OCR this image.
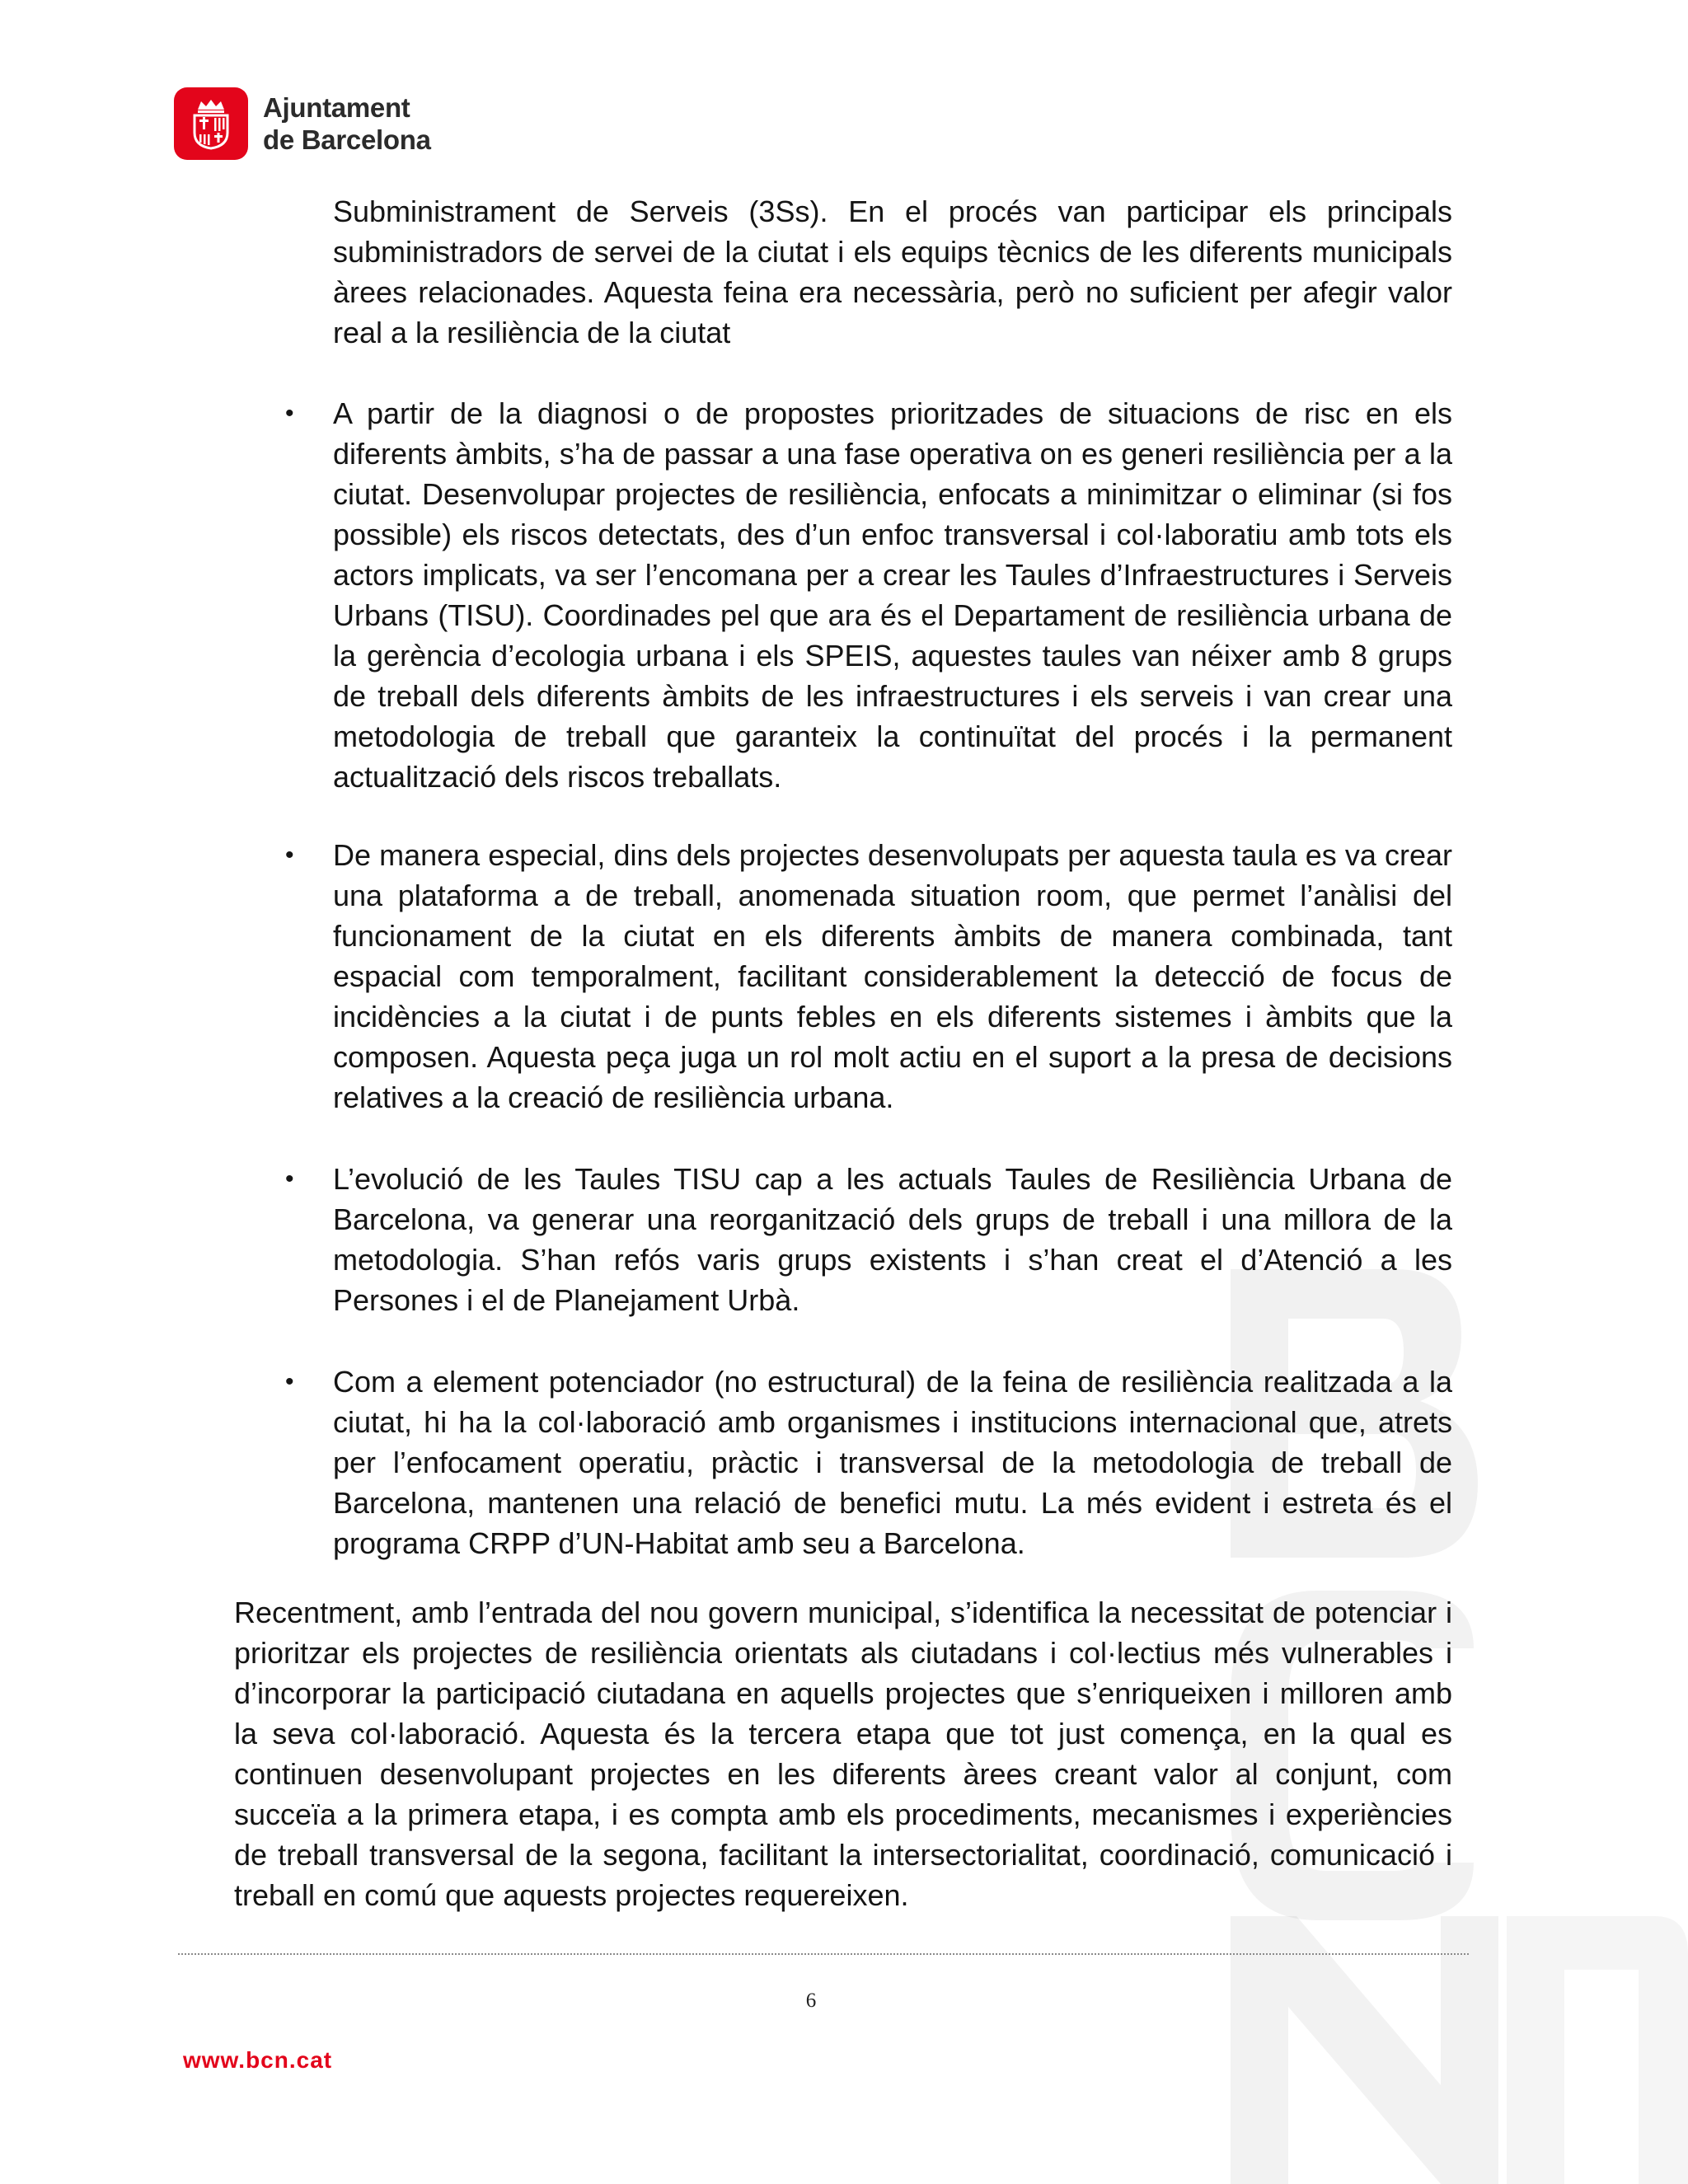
Ajuntament
de Barcelona
Subministrament de Serveis (3Ss). En el procés van participar els principals subministradors de servei de la ciutat i els equips tècnics de les diferents municipals àrees relacionades. Aquesta feina era necessària, però no suficient per afegir valor real a la resiliència de la ciutat
• A partir de la diagnosi o de propostes prioritzades de situacions de risc en els diferents àmbits, s’ha de passar a una fase operativa on es generi resiliència per a la ciutat. Desenvolupar projectes de resiliència, enfocats a minimitzar o eliminar (si fos possible) els riscos detectats, des d’un enfoc transversal i col·laboratiu amb tots els actors implicats, va ser l’encomana per a crear les Taules d’Infraestructures i Serveis Urbans (TISU). Coordinades pel que ara és el Departament de resiliència urbana de la gerència d’ecologia urbana i els SPEIS, aquestes taules van néixer amb 8 grups de treball dels diferents àmbits de les infraestructures i els serveis i van crear una metodologia de treball que garanteix la continuïtat del procés i la permanent actualització dels riscos treballats.
• De manera especial, dins dels projectes desenvolupats per aquesta taula es va crear una plataforma a de treball, anomenada situation room, que permet l’anàlisi del funcionament de la ciutat en els diferents àmbits de manera combinada, tant espacial com temporalment, facilitant considerablement la detecció de focus de incidències a la ciutat i de punts febles en els diferents sistemes i àmbits que la composen. Aquesta peça juga un rol molt actiu en el suport a la presa de decisions relatives a la creació de resiliència urbana.
• L’evolució de les Taules TISU cap a les actuals Taules de Resiliència Urbana de Barcelona, va generar una reorganització dels grups de treball i una millora de la metodologia. S’han refós varis grups existents i s’han creat el d’Atenció a les Persones i el de Planejament Urbà.
• Com a element potenciador (no estructural) de la feina de resiliència realitzada a la ciutat, hi ha la col·laboració amb organismes i institucions internacional que, atrets per l’enfocament operatiu, pràctic i transversal de la metodologia de treball de Barcelona, mantenen una relació de benefici mutu. La més evident i estreta és el programa CRPP d’UN-Habitat amb seu a Barcelona.
Recentment, amb l’entrada del nou govern municipal, s’identifica la necessitat de potenciar i prioritzar els projectes de resiliència orientats als ciutadans i col·lectius més vulnerables i d’incorporar la participació ciutadana en aquells projectes que s’enriqueixen i milloren amb la seva col·laboració. Aquesta és la tercera etapa que tot just comença, en la qual es continuen desenvolupant projectes en les diferents àrees creant valor al conjunt, com succeïa a la primera etapa, i es compta amb els procediments, mecanismes i experiències de treball transversal de la segona, facilitant la intersectorialitat, coordinació, comunicació i treball en comú que aquests projectes requereixen.
6
www.bcn.cat
